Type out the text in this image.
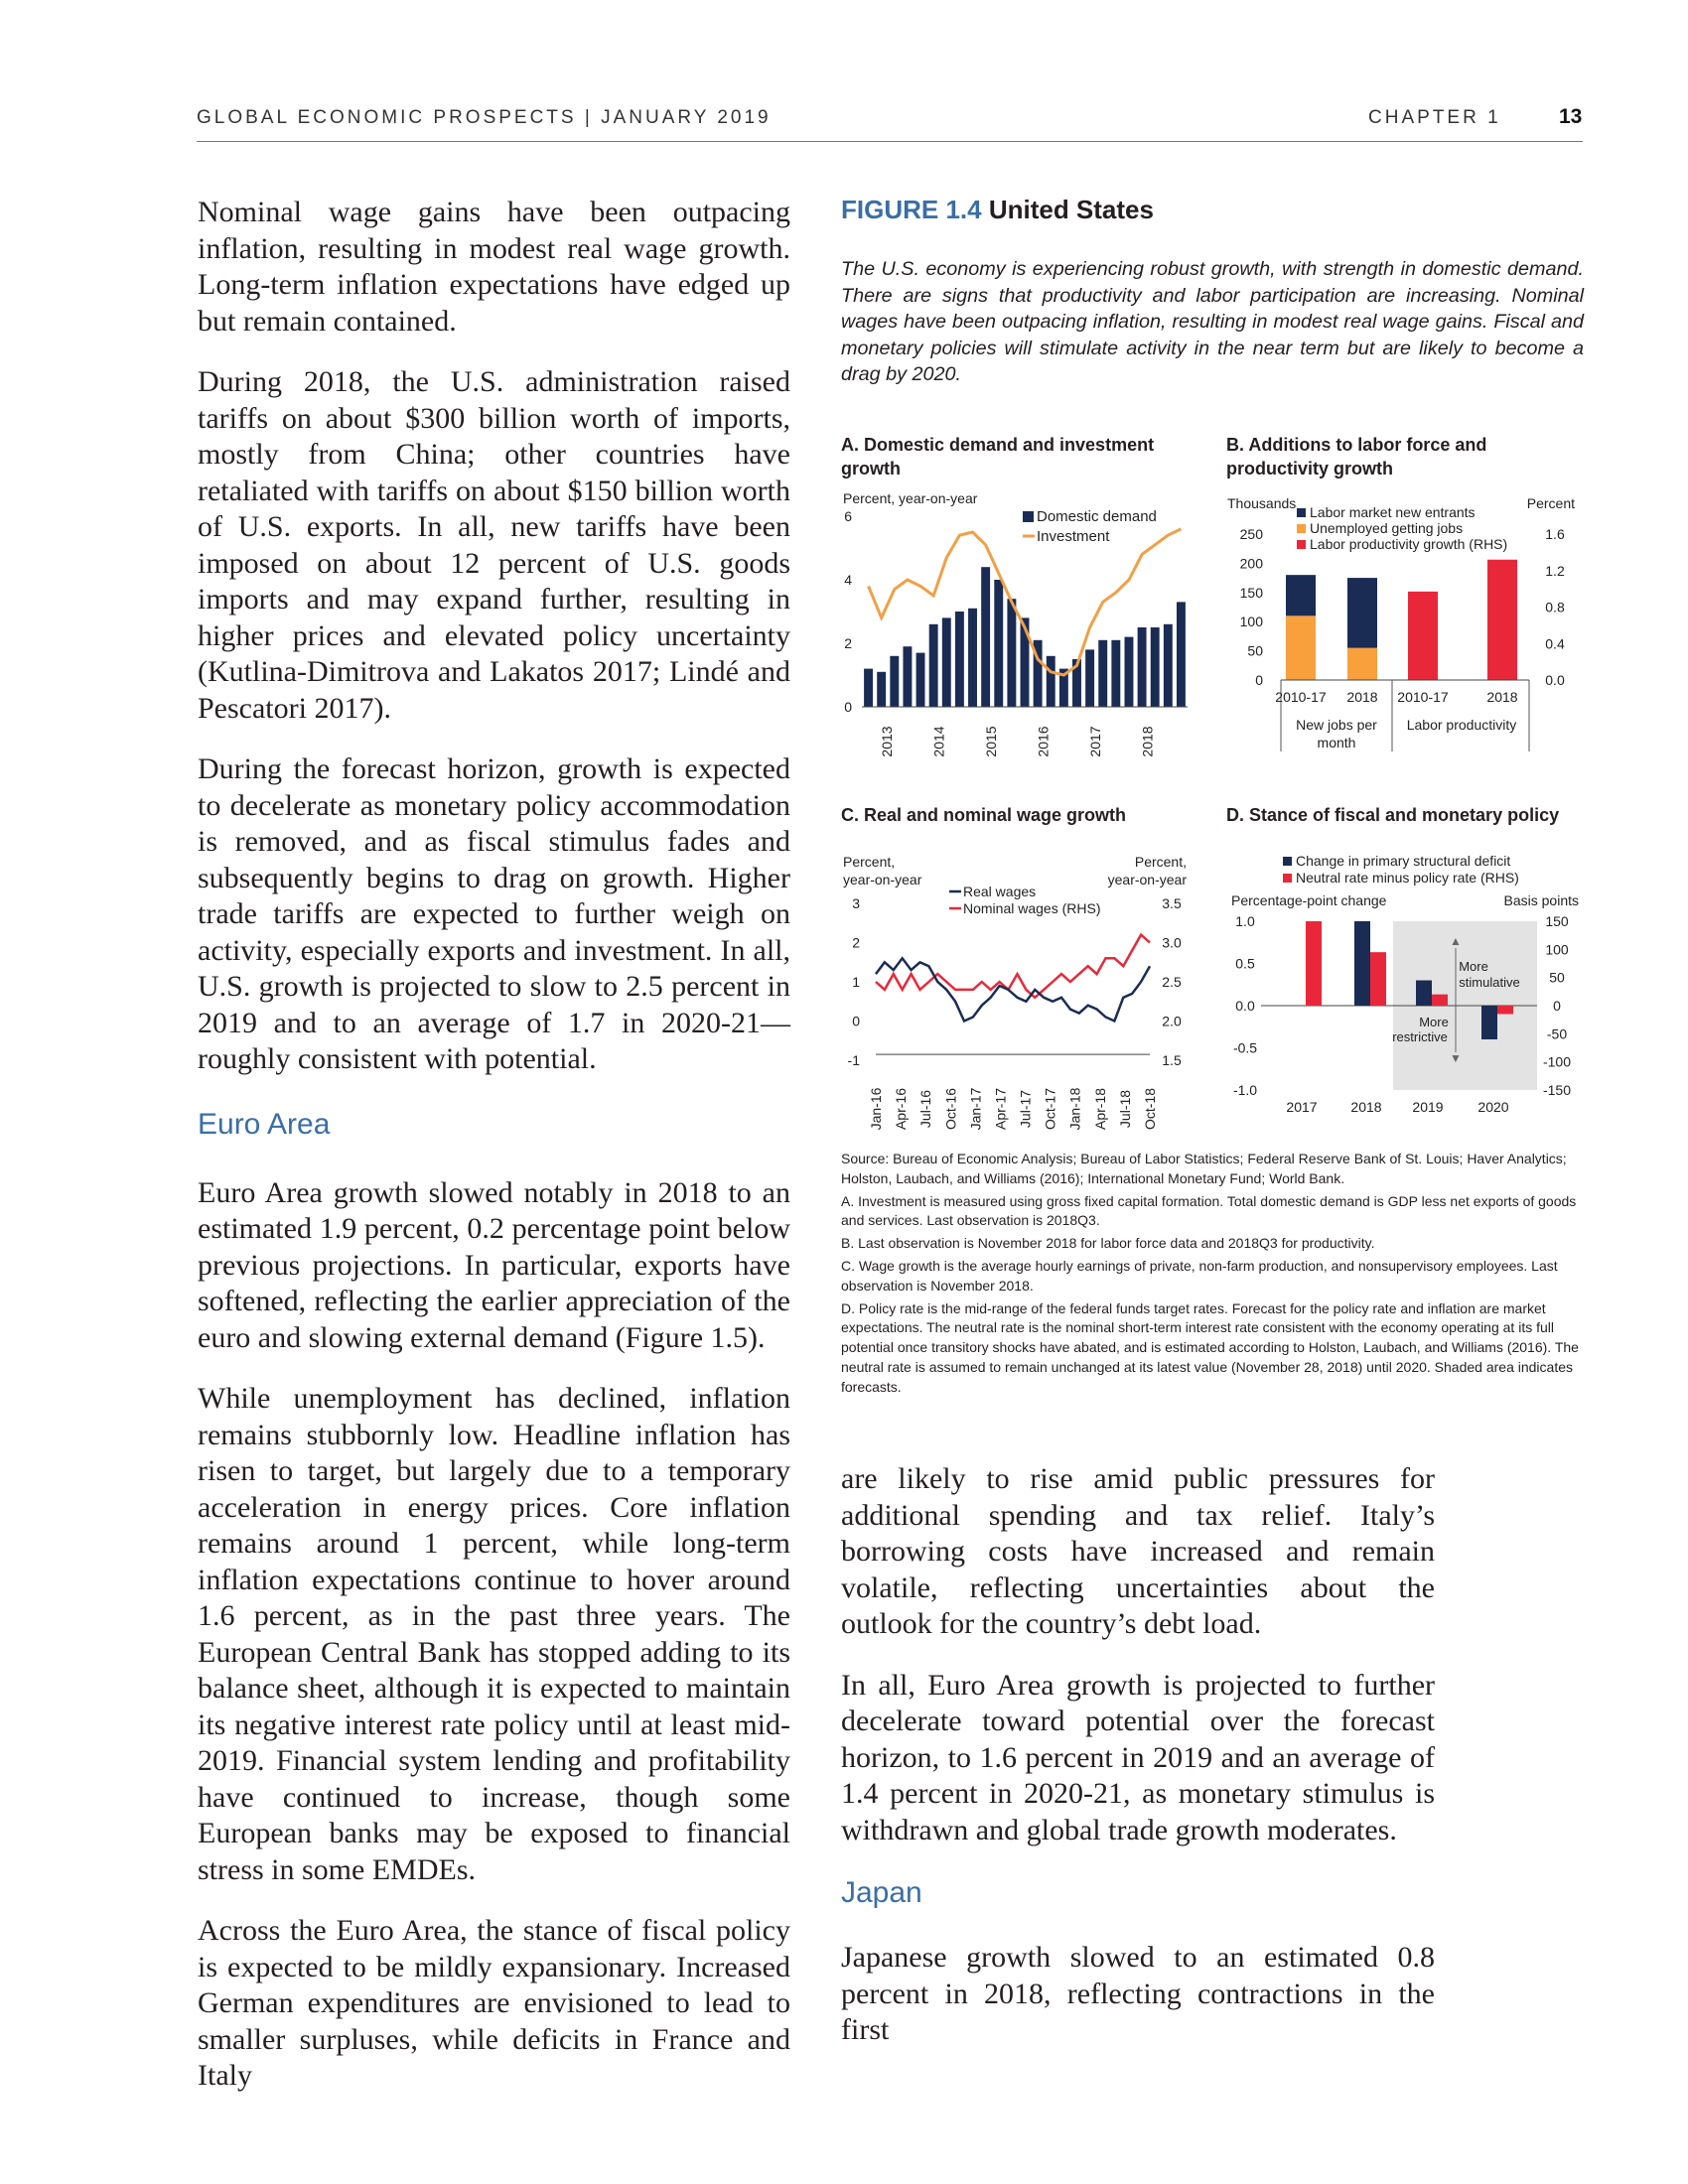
GLOBAL ECONOMIC PROSPECTS | JANUARY 2019	CHAPTER 1	13

Nominal wage gains have been outpacing inflation, resulting in modest real wage growth. Long-term inflation expectations have edged up but remain contained.

During 2018, the U.S. administration raised tariffs on about $300 billion worth of imports, mostly from China; other countries have retaliated with tariffs on about $150 billion worth of U.S. exports. In all, new tariffs have been imposed on about 12 percent of U.S. goods imports and may expand further, resulting in higher prices and elevated policy uncertainty (Kutlina-Dimitrova and Lakatos 2017; Lindé and Pescatori 2017).

During the forecast horizon, growth is expected to decelerate as monetary policy accommodation is removed, and as fiscal stimulus fades and subsequently begins to drag on growth. Higher trade tariffs are expected to further weigh on activity, especially exports and investment. In all, U.S. growth is projected to slow to 2.5 percent in 2019 and to an average of 1.7 in 2020-21—roughly consistent with potential.

Euro Area

Euro Area growth slowed notably in 2018 to an estimated 1.9 percent, 0.2 percentage point below previous projections. In particular, exports have softened, reflecting the earlier appreciation of the euro and slowing external demand (Figure 1.5).

While unemployment has declined, inflation remains stubbornly low. Headline inflation has risen to target, but largely due to a temporary acceleration in energy prices. Core inflation remains around 1 percent, while long-term inflation expectations continue to hover around 1.6 percent, as in the past three years. The European Central Bank has stopped adding to its balance sheet, although it is expected to maintain its negative interest rate policy until at least mid-2019. Financial system lending and profitability have continued to increase, though some European banks may be exposed to financial stress in some EMDEs.

Across the Euro Area, the stance of fiscal policy is expected to be mildly expansionary. Increased German expenditures are envisioned to lead to smaller surpluses, while deficits in France and Italy

FIGURE 1.4 United States
The U.S. economy is experiencing robust growth, with strength in domestic demand. There are signs that productivity and labor participation are increasing. Nominal wages have been outpacing inflation, resulting in modest real wage gains. Fiscal and monetary policies will stimulate activity in the near term but are likely to become a drag by 2020.
A. Domestic demand and investment growth
B. Additions to labor force and productivity growth
C. Real and nominal wage growth	D. Stance of fiscal and monetary policy
Percent, year-on-year
0
2
4
6
2013	2014	2015	2016	2017	2018
Domestic demand
Investment
Thousands	Percent
0
50
100
150
200
250
0.0
0.4
0.8
1.2
1.6
2010-17 2018 2010-17	2018
New jobs per
month
Labor productivity
Labor market new entrants
Unemployed getting jobs
Labor productivity growth (RHS)
Percent,
year-on-year
Percent,
year-on-year
-1
0
1
2
3
1.5
2.0
2.5
3.0
3.5
Jan-16 Apr-16 Jul-16 Oct-16 Jan-17 Apr-17 Jul-17 Oct-17 Jan-18 Apr-18 Jul-18 Oct-18
Real wages
Nominal wages (RHS)	Percentage-point change	Basis points
-1.0
-0.5
0.0
0.5
1.0
-150
-100
-50
0
50
100
150
2017 2018 2019 2020
▲
▼
More
stimulative
More
restrictive
Change in primary structural deficit
Neutral rate minus policy rate (RHS)

Source: Bureau of Economic Analysis; Bureau of Labor Statistics; Federal Reserve Bank of St. Louis; Haver Analytics; Holston, Laubach, and Williams (2016); International Monetary Fund; World Bank.

A. Investment is measured using gross fixed capital formation. Total domestic demand is GDP less net exports of goods and services. Last observation is 2018Q3.

B. Last observation is November 2018 for labor force data and 2018Q3 for productivity.

C. Wage growth is the average hourly earnings of private, non-farm production, and nonsupervisory employees. Last observation is November 2018.

D. Policy rate is the mid-range of the federal funds target rates. Forecast for the policy rate and inflation are market expectations. The neutral rate is the nominal short-term interest rate consistent with the economy operating at its full potential once transitory shocks have abated, and is estimated according to Holston, Laubach, and Williams (2016). The neutral rate is assumed to remain unchanged at its latest value (November 28, 2018) until 2020. Shaded area indicates forecasts.

are likely to rise amid public pressures for additional spending and tax relief. Italy’s borrowing costs have increased and remain volatile, reflecting uncertainties about the outlook for the country’s debt load.

In all, Euro Area growth is projected to further decelerate toward potential over the forecast horizon, to 1.6 percent in 2019 and an average of 1.4 percent in 2020-21, as monetary stimulus is withdrawn and global trade growth moderates.

Japan

Japanese growth slowed to an estimated 0.8 percent in 2018, reflecting contractions in the first
